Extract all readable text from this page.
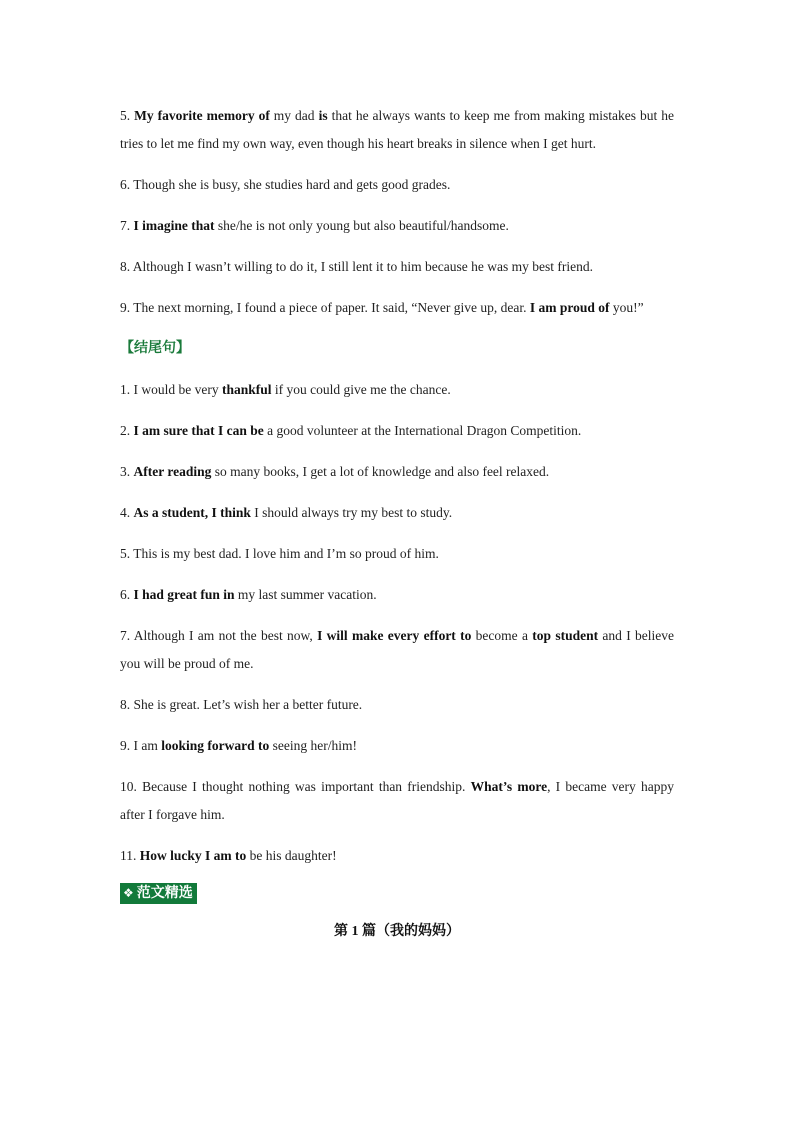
5. My favorite memory of my dad is that he always wants to keep me from making mistakes but he tries to let me find my own way, even though his heart breaks in silence when I get hurt.

6. Though she is busy, she studies hard and gets good grades.

7. I imagine that she/he is not only young but also beautiful/handsome.

8. Although I wasn’t willing to do it, I still lent it to him because he was my best friend.

9. The next morning, I found a piece of paper. It said, “Never give up, dear. I am proud of you!”

【结尾句】

1. I would be very thankful if you could give me the chance.

2. I am sure that I can be a good volunteer at the International Dragon Competition.

3. After reading so many books, I get a lot of knowledge and also feel relaxed.

4. As a student, I think I should always try my best to study.

5. This is my best dad. I love him and I’m so proud of him.

6. I had great fun in my last summer vacation.

7. Although I am not the best now, I will make every effort to become a top student and I believe you will be proud of me.

8. She is great. Let’s wish her a better future.

9. I am looking forward to seeing her/him!

10. Because I thought nothing was important than friendship. What’s more, I became very happy after I forgave him.

11. How lucky I am to be his daughter!

❖ 范文精选

第 1 篇（我的妈妈）
